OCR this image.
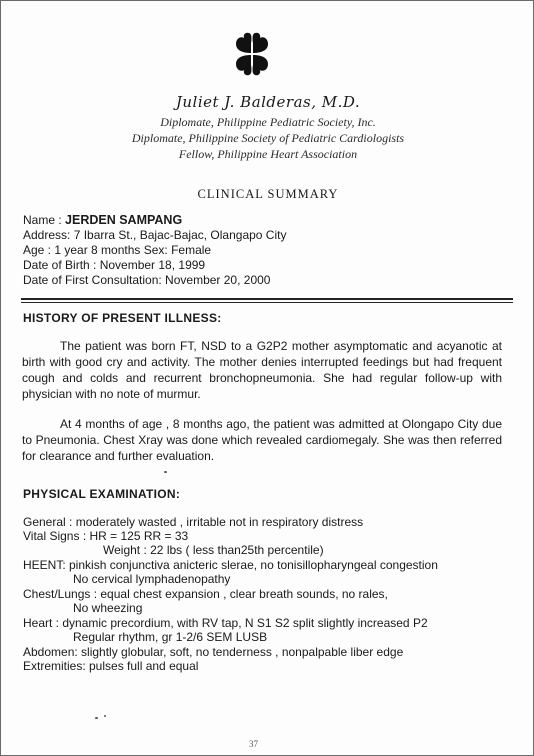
Juliet J. Balderas, M.D.
Diplomate, Philippine Pediatric Society, Inc.
Diplomate, Philippine Society of Pediatric Cardiologists
Fellow, Philippine Heart Association
CLINICAL SUMMARY
Name : JERDEN SAMPANG
Address: 7 Ibarra St., Bajac-Bajac, Olangapo City
Age : 1 year 8 months Sex: Female
Date of Birth : November 18, 1999
Date of First Consultation: November 20, 2000
HISTORY OF PRESENT ILLNESS:

The patient was born FT, NSD to a G2P2 mother asymptomatic and acyanotic at birth with good cry and activity. The mother denies interrupted feedings but had frequent cough and colds and recurrent bronchopneumonia. She had regular follow-up with physician with no note of murmur.

At 4 months of age , 8 months ago, the patient was admitted at Olongapo City due to Pneumonia. Chest Xray was done which revealed cardiomegaly. She was then referred for clearance and further evaluation.

PHYSICAL EXAMINATION:
General : moderately wasted , irritable not in respiratory distress
Vital Signs : HR = 125 RR = 33
Weight : 22 lbs ( less than25th percentile)
HEENT: pinkish conjunctiva anicteric slerae, no tonisillopharyngeal congestion
No cervical lymphadenopathy
Chest/Lungs : equal chest expansion , clear breath sounds, no rales,
No wheezing
Heart : dynamic precordium, with RV tap, N S1 S2 split slightly increased P2
Regular rhythm, gr 1-2/6 SEM LUSB
Abdomen: slightly globular, soft, no tenderness , nonpalpable liber edge
Extremities: pulses full and equal
37
